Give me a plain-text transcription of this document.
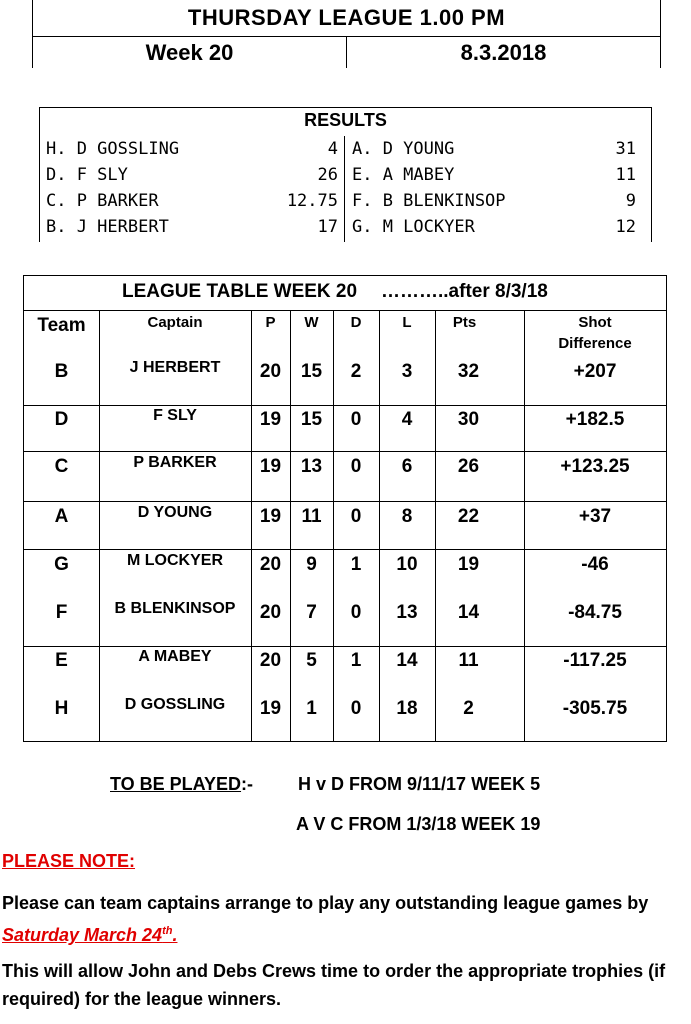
THURSDAY LEAGUE 1.00 PM
Week 20	8.3.2018
RESULTS
H. D GOSSLING	4 A. D YOUNG	31
D. F SLY	26 E. A MABEY	11
C. P BARKER	12.75 F. B BLENKINSOP	9
B. J HERBERT	17 G. M LOCKYER	12
LEAGUE TABLE WEEK 20 ………..after 8/3/18
Team	Captain	P	W	D	L	Pts	Shot
Difference
B	J HERBERT	20	15	2	3	32	+207
D	F SLY	19	15	0	4	30	+182.5
C	P BARKER	19	13	0	6	26	+123.25
A	D YOUNG	19	11	0	8	22	+37
G	M LOCKYER	20	9	1	10	19	-46
F	B BLENKINSOP	20	7	0	13	14	-84.75
E	A MABEY	20	5	1	14	11	-117.25
H	D GOSSLING	19	1	0	18	2	-305.75
TO BE PLAYED:- H v D FROM 9/11/17 WEEK 5
A V C FROM 1/3/18 WEEK 19
PLEASE NOTE:
Please can team captains arrange to play any outstanding league games by Saturday March 24th.
This will allow John and Debs Crews time to order the appropriate trophies (if required) for the league winners.
